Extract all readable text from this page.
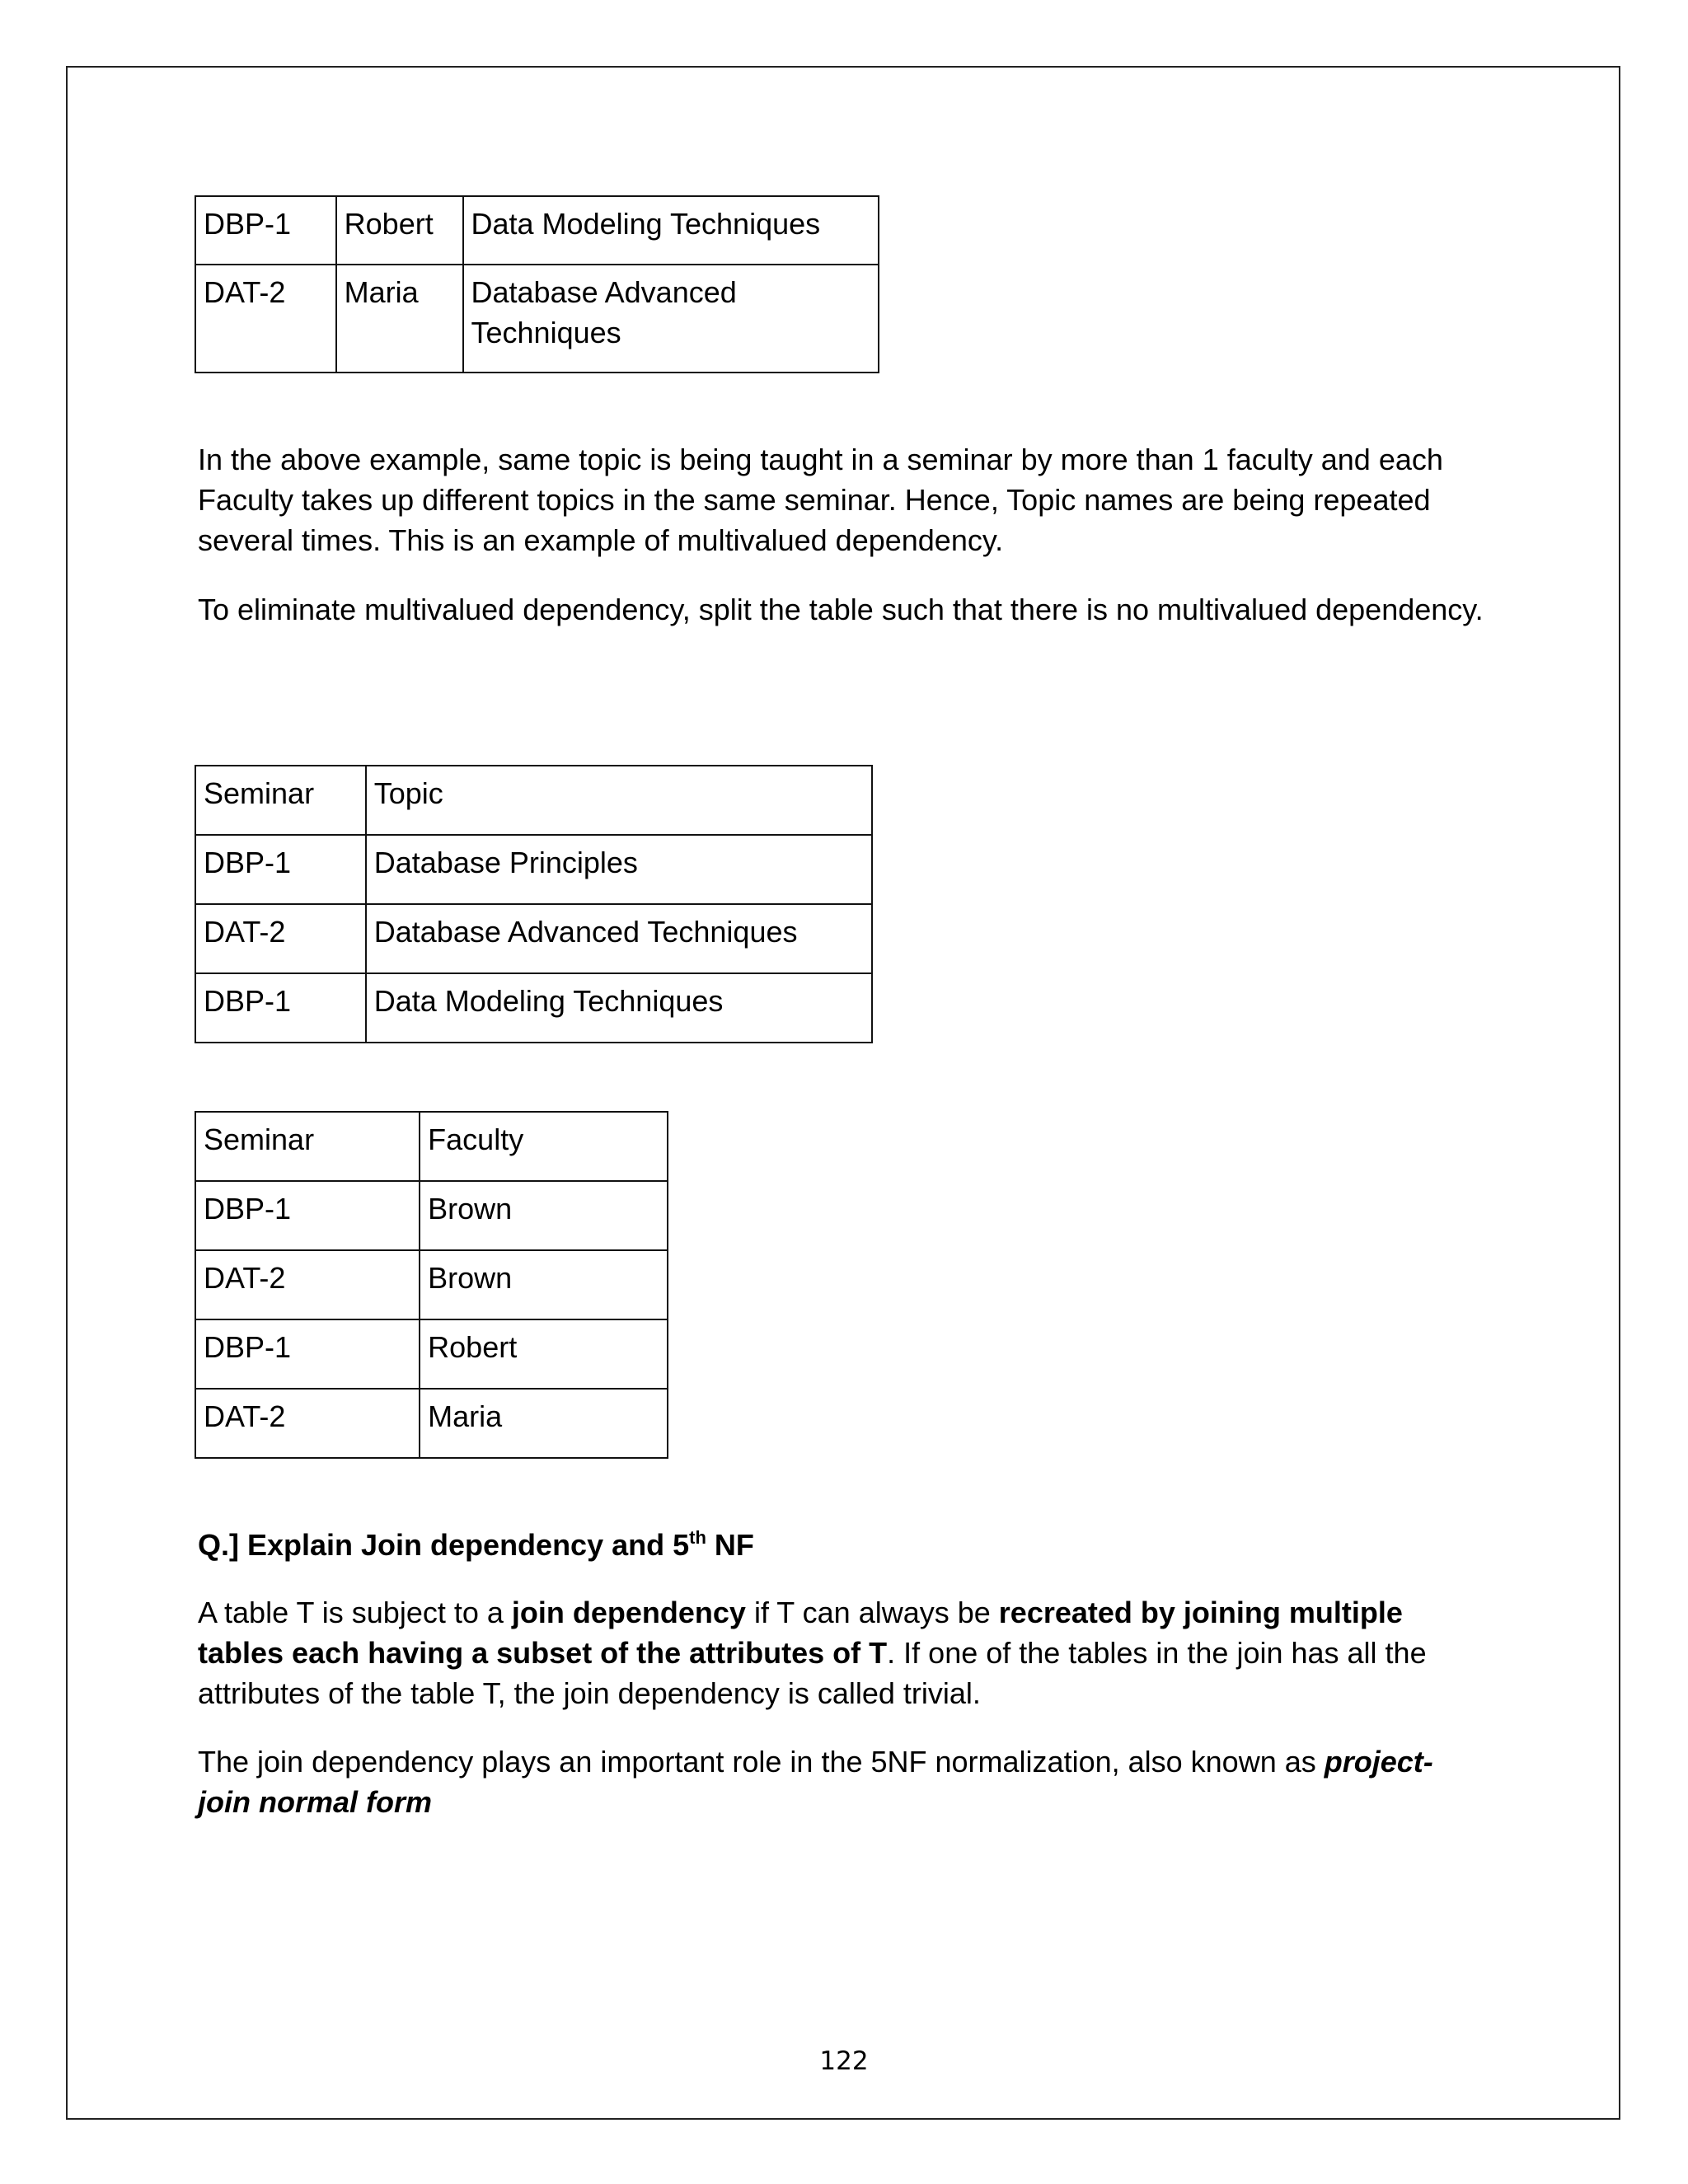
DBP-1	Robert	Data Modeling Techniques
DAT-2	Maria	Database Advanced Techniques

In the above example, same topic is being taught in a seminar by more than 1 faculty and each Faculty takes up different topics in the same seminar. Hence, Topic names are being repeated several times. This is an example of multivalued dependency.

To eliminate multivalued dependency, split the table such that there is no multivalued dependency.

Seminar	Topic
DBP-1	Database Principles
DAT-2	Database Advanced Techniques
DBP-1	Data Modeling Techniques
Seminar	Faculty
DBP-1	Brown
DAT-2	Brown
DBP-1	Robert
DAT-2	Maria

Q.] Explain Join dependency and 5th NF

A table T is subject to a join dependency if T can always be recreated by joining multiple tables each having a subset of the attributes of T. If one of the tables in the join has all the attributes of the table T, the join dependency is called trivial.

The join dependency plays an important role in the 5NF normalization, also known as project-join normal form

122
